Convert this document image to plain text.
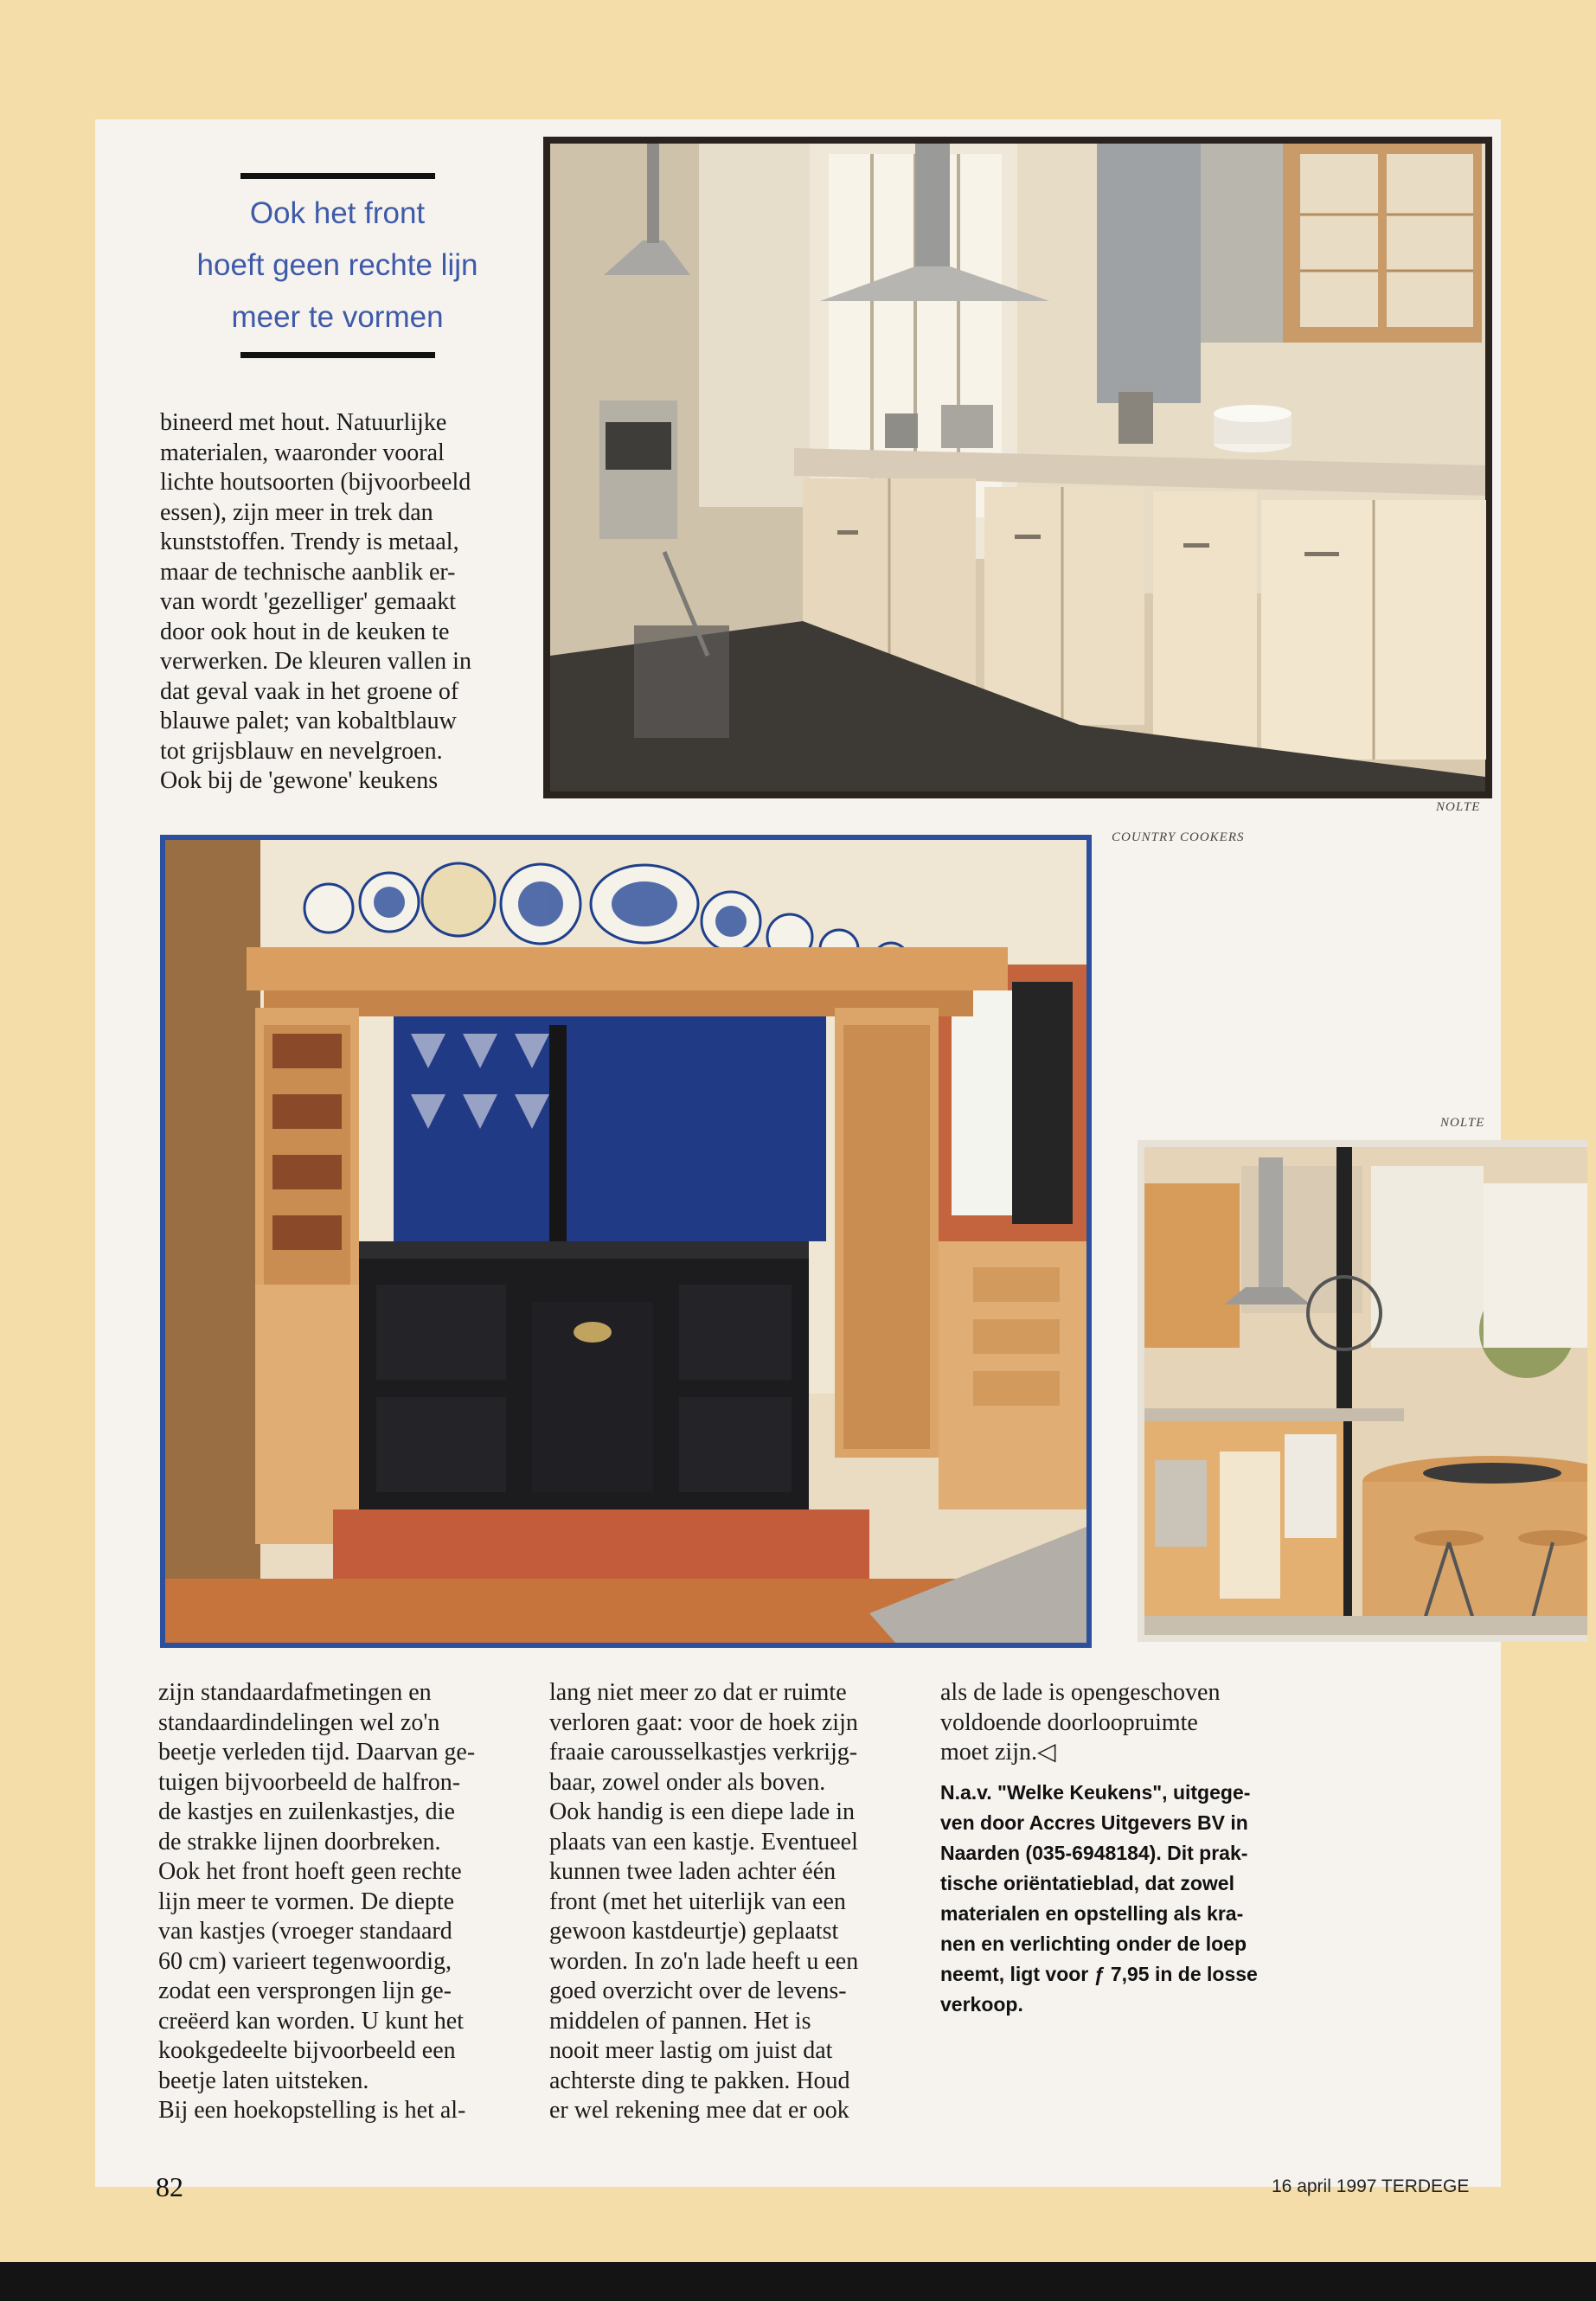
Ook het front
hoeft geen rechte lijn
meer te vormen
bineerd met hout. Natuurlijke
materialen, waaronder vooral
lichte houtsoorten (bijvoorbeeld
essen), zijn meer in trek dan
kunststoffen. Trendy is metaal,
maar de technische aanblik er-
van wordt 'gezelliger' gemaakt
door ook hout in de keuken te
verwerken. De kleuren vallen in
dat geval vaak in het groene of
blauwe palet; van kobaltblauw
tot grijsblauw en nevelgroen.
Ook bij de 'gewone' keukens
NOLTE
COUNTRY COOKERS
NOLTE
zijn standaardafmetingen en
standaardindelingen wel zo'n
beetje verleden tijd. Daarvan ge-
tuigen bijvoorbeeld de halfron-
de kastjes en zuilenkastjes, die
de strakke lijnen doorbreken.
Ook het front hoeft geen rechte
lijn meer te vormen. De diepte
van kastjes (vroeger standaard
60 cm) varieert tegenwoordig,
zodat een versprongen lijn ge-
creëerd kan worden. U kunt het
kookgedeelte bijvoorbeeld een
beetje laten uitsteken.
Bij een hoekopstelling is het al-
lang niet meer zo dat er ruimte
verloren gaat: voor de hoek zijn
fraaie carousselkastjes verkrijg-
baar, zowel onder als boven.
Ook handig is een diepe lade in
plaats van een kastje. Eventueel
kunnen twee laden achter één
front (met het uiterlijk van een
gewoon kastdeurtje) geplaatst
worden. In zo'n lade heeft u een
goed overzicht over de levens-
middelen of pannen. Het is
nooit meer lastig om juist dat
achterste ding te pakken. Houd
er wel rekening mee dat er ook
als de lade is opengeschoven
voldoende doorloopruimte
moet zijn.◁
N.a.v. "Welke Keukens", uitgege-
ven door Accres Uitgevers BV in
Naarden (035-6948184). Dit prak-
tische oriëntatieblad, dat zowel
materialen en opstelling als kra-
nen en verlichting onder de loep
neemt, ligt voor ƒ 7,95 in de losse
verkoop.
82	16 april 1997 TERDEGE
